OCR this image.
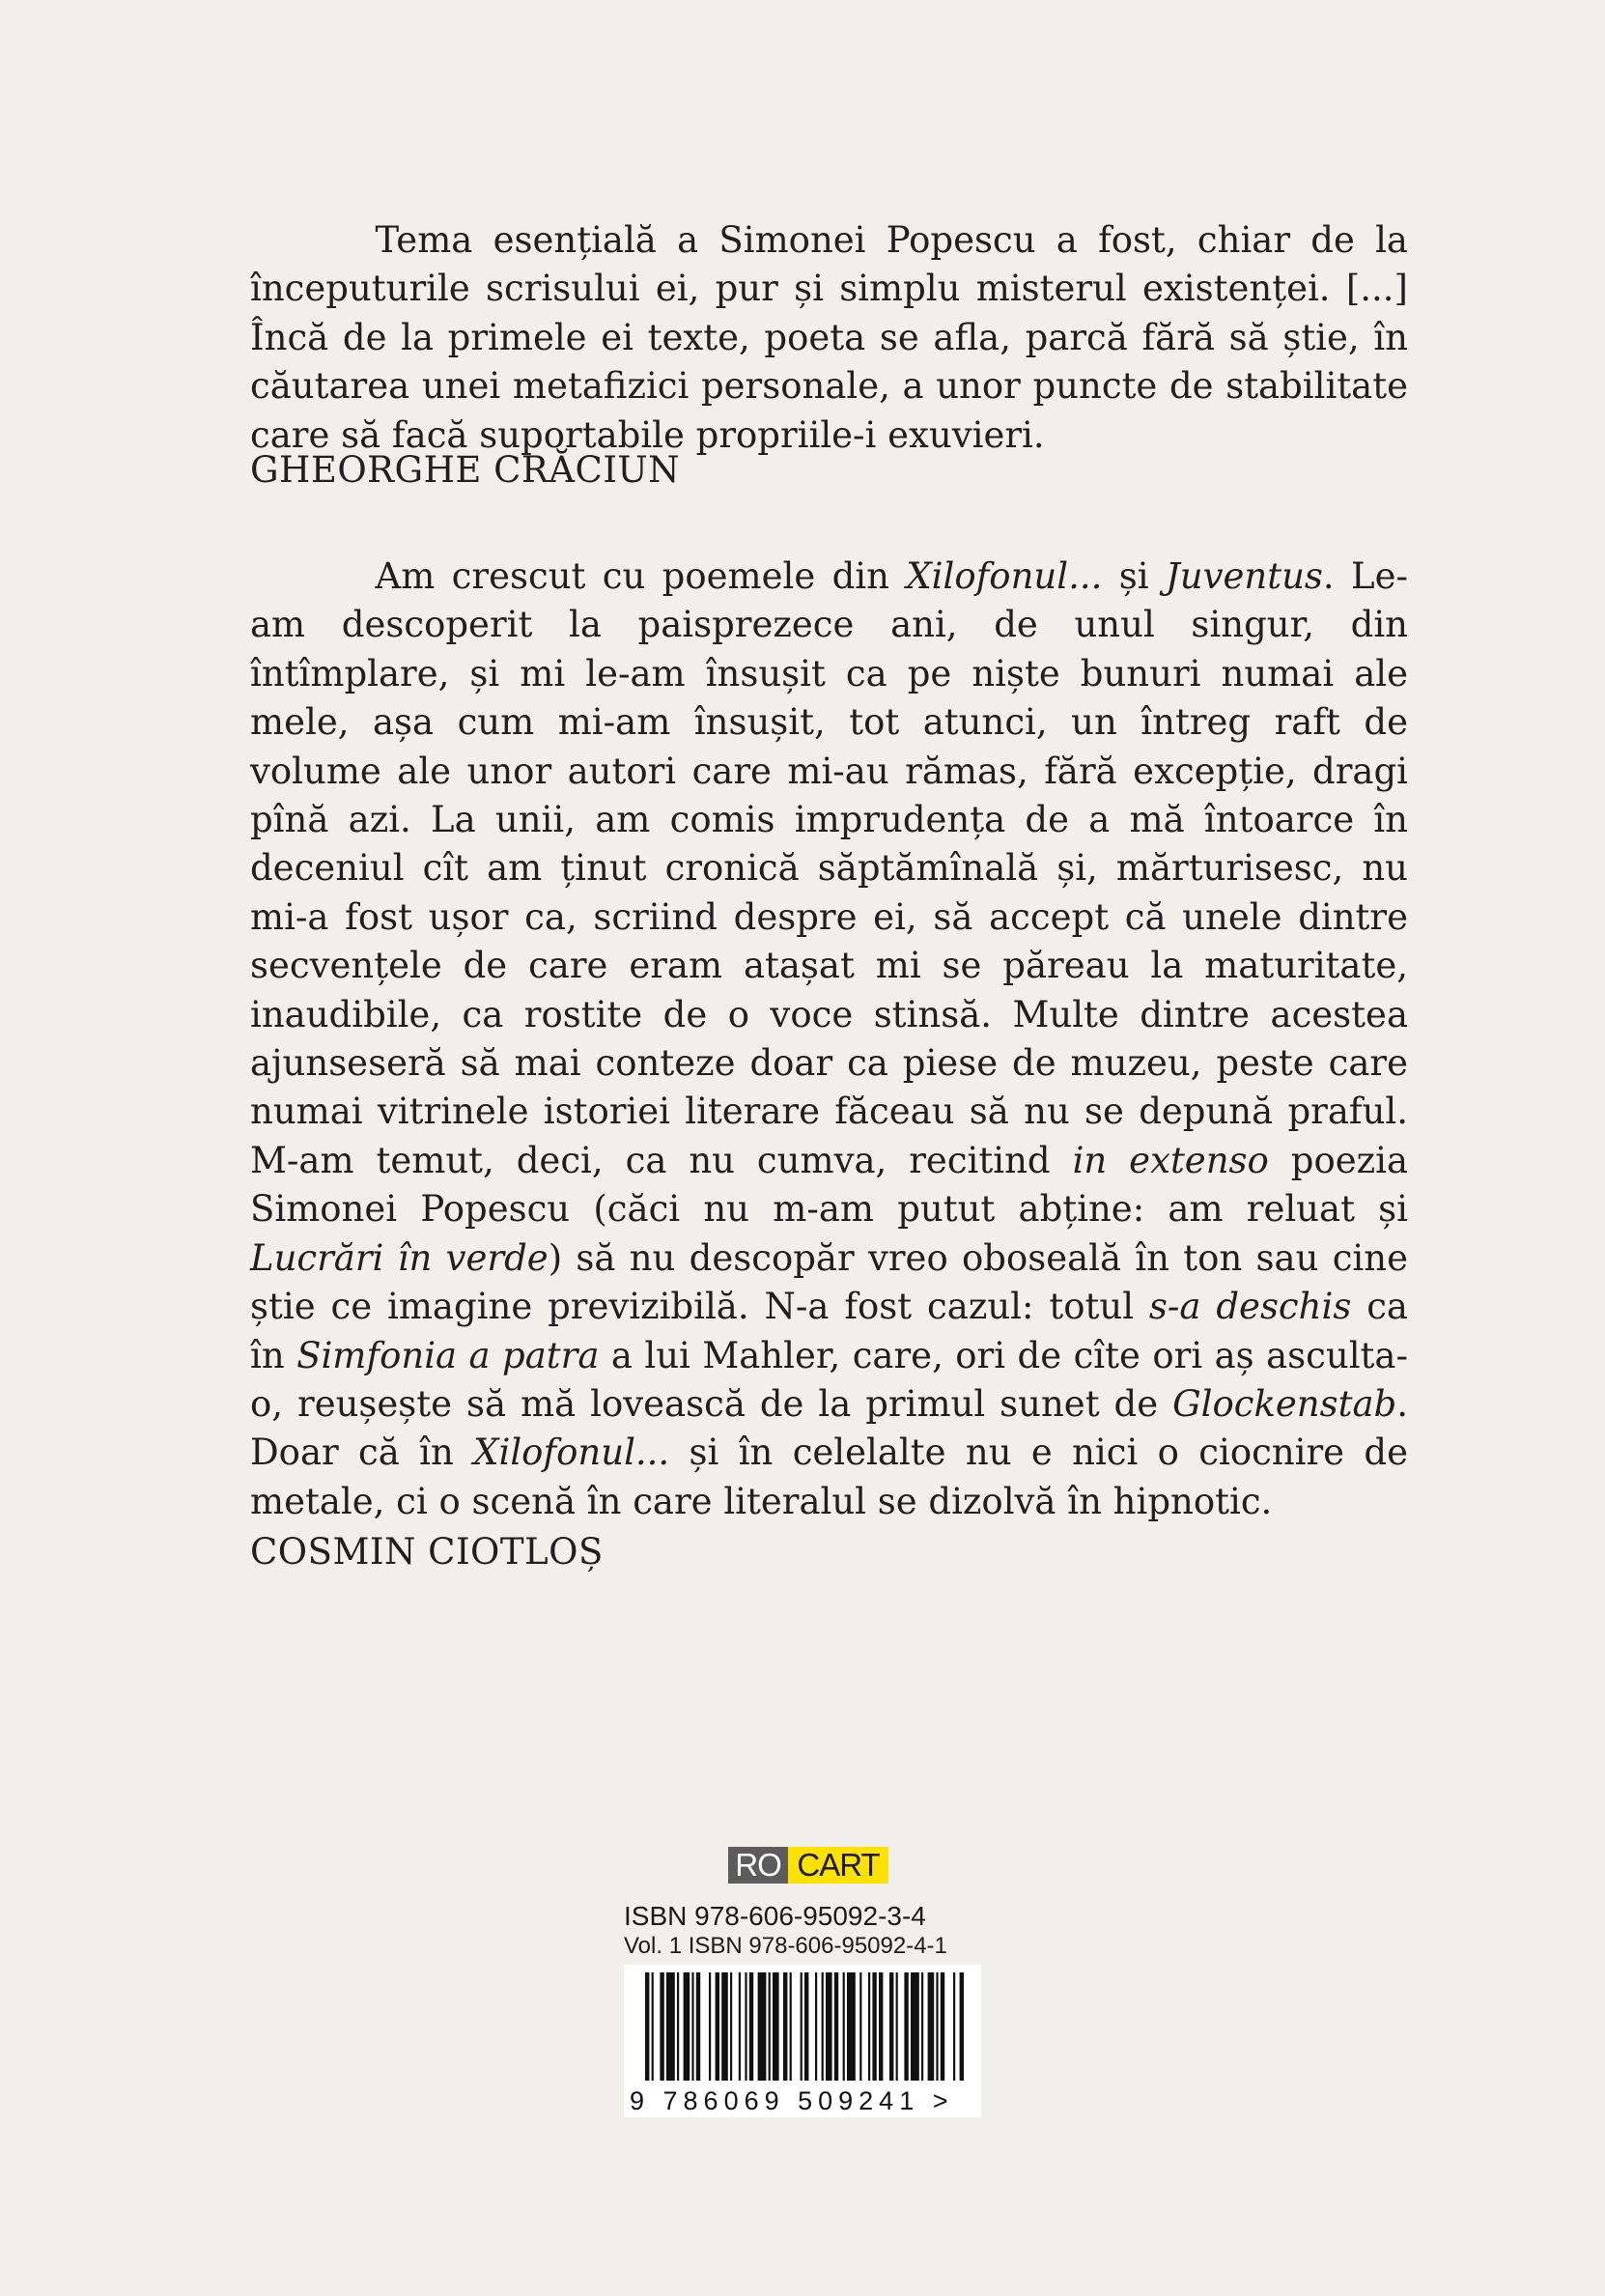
Tema esențială a Simonei Popescu a fost, chiar de la începuturile scrisului ei, pur și simplu misterul existenței. [...] Încă de la primele ei texte, poeta se afla, parcă fără să știe, în căutarea unei metafizici personale, a unor puncte de stabilitate care să facă suportabile propriile-i exuvieri.

GHEORGHE CRĂCIUN

Am crescut cu poemele din Xilofonul... și Juventus. Le-am descoperit la paisprezece ani, de unul singur, din întîmplare, și mi le-am însușit ca pe niște bunuri numai ale mele, așa cum mi-am însușit, tot atunci, un întreg raft de volume ale unor autori care mi-au rămas, fără excepție, dragi pînă azi. La unii, am comis imprudența de a mă întoarce în deceniul cît am ținut cronică săptămînală și, mărturisesc, nu mi-a fost ușor ca, scriind despre ei, să accept că unele dintre secvențele de care eram atașat mi se păreau la maturitate, inaudibile, ca rostite de o voce stinsă. Multe dintre acestea ajunseseră să mai conteze doar ca piese de muzeu, peste care numai vitrinele istoriei literare făceau să nu se depună praful. M-am temut, deci, ca nu cumva, recitind in extenso poezia Simonei Popescu (căci nu m-am putut abține: am reluat și Lucrări în verde) să nu descopăr vreo oboseală în ton sau cine știe ce imagine previzibilă. N-a fost cazul: totul s-a deschis ca în Simfonia a patra a lui Mahler, care, ori de cîte ori aș asculta-o, reușește să mă lovească de la primul sunet de Glockenstab. Doar că în Xilofonul... și în celelalte nu e nici o ciocnire de metale, ci o scenă în care literalul se dizolvă în hipnotic.

COSMIN CIOTLOȘ
RO CART
ISBN 978-606-95092-3-4
Vol. 1 ISBN 978-606-95092-4-1
9 786069 509241 >
